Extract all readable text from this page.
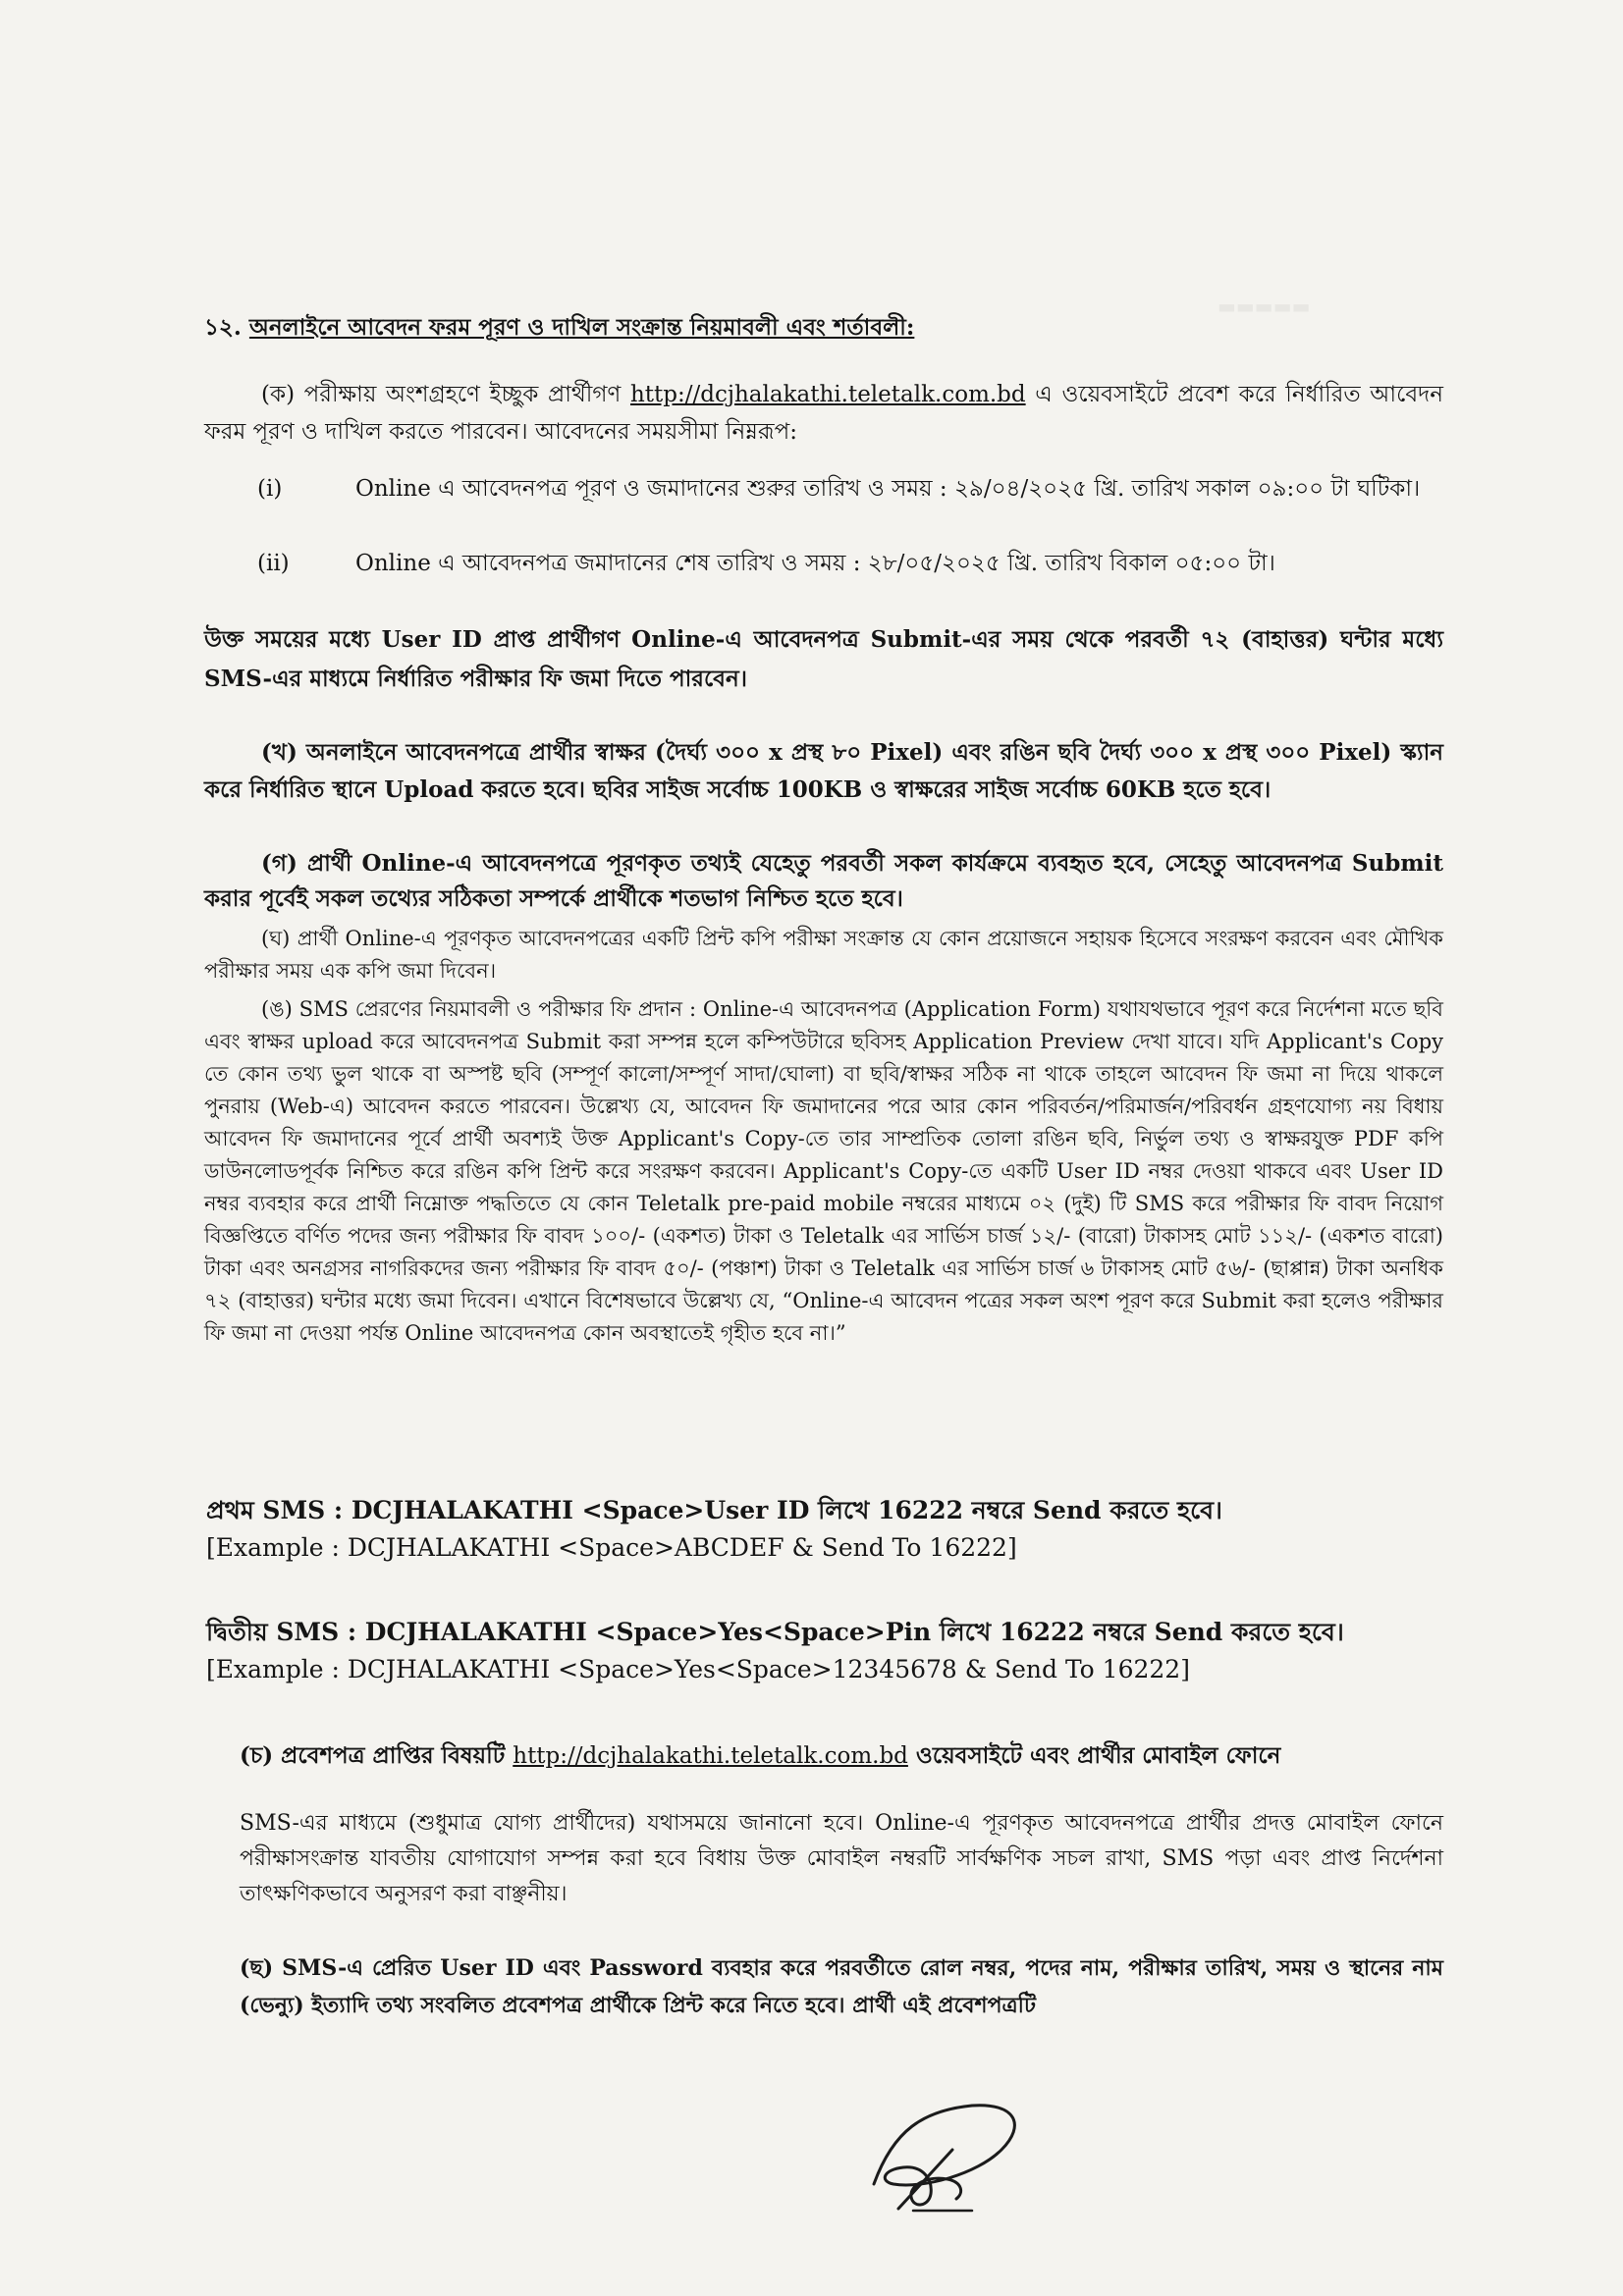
▬▬▬▬▬
১২. অনলাইনে আবেদন ফরম পূরণ ও দাখিল সংক্রান্ত নিয়মাবলী এবং শর্তাবলী:
(ক) পরীক্ষায় অংশগ্রহণে ইচ্ছুক প্রার্থীগণ http://dcjhalakathi.teletalk.com.bd এ ওয়েবসাইটে প্রবেশ করে নির্ধারিত আবেদন ফরম পূরণ ও দাখিল করতে পারবেন। আবেদনের সময়সীমা নিম্নরূপ:
(i)	Online এ আবেদনপত্র পূরণ ও জমাদানের শুরুর তারিখ ও সময় : ২৯/০৪/২০২৫ খ্রি. তারিখ সকাল ০৯:০০ টা ঘটিকা।
(ii)	Online এ আবেদনপত্র জমাদানের শেষ তারিখ ও সময় : ২৮/০৫/২০২৫ খ্রি. তারিখ বিকাল ০৫:০০ টা।
উক্ত সময়ের মধ্যে User ID প্রাপ্ত প্রার্থীগণ Online-এ আবেদনপত্র Submit-এর সময় থেকে পরবর্তী ৭২ (বাহাত্তর) ঘন্টার মধ্যে SMS-এর মাধ্যমে নির্ধারিত পরীক্ষার ফি জমা দিতে পারবেন।
(খ) অনলাইনে আবেদনপত্রে প্রার্থীর স্বাক্ষর (দৈর্ঘ্য ৩০০ x প্রস্থ ৮০ Pixel) এবং রঙিন ছবি দৈর্ঘ্য ৩০০ x প্রস্থ ৩০০ Pixel) স্ক্যান করে নির্ধারিত স্থানে Upload করতে হবে। ছবির সাইজ সর্বোচ্চ 100KB ও স্বাক্ষরের সাইজ সর্বোচ্চ 60KB হতে হবে।
(গ) প্রার্থী Online-এ আবেদনপত্রে পূরণকৃত তথ্যই যেহেতু পরবর্তী সকল কার্যক্রমে ব্যবহৃত হবে, সেহেতু আবেদনপত্র Submit করার পূর্বেই সকল তথ্যের সঠিকতা সম্পর্কে প্রার্থীকে শতভাগ নিশ্চিত হতে হবে।
(ঘ) প্রার্থী Online-এ পূরণকৃত আবেদনপত্রের একটি প্রিন্ট কপি পরীক্ষা সংক্রান্ত যে কোন প্রয়োজনে সহায়ক হিসেবে সংরক্ষণ করবেন এবং মৌখিক পরীক্ষার সময় এক কপি জমা দিবেন।
(ঙ) SMS প্রেরণের নিয়মাবলী ও পরীক্ষার ফি প্রদান : Online-এ আবেদনপত্র (Application Form) যথাযথভাবে পূরণ করে নির্দেশনা মতে ছবি এবং স্বাক্ষর upload করে আবেদনপত্র Submit করা সম্পন্ন হলে কম্পিউটারে ছবিসহ Application Preview দেখা যাবে। যদি Applicant's Copy তে কোন তথ্য ভুল থাকে বা অস্পষ্ট ছবি (সম্পূর্ণ কালো/সম্পূর্ণ সাদা/ঘোলা) বা ছবি/স্বাক্ষর সঠিক না থাকে তাহলে আবেদন ফি জমা না দিয়ে থাকলে পুনরায় (Web-এ) আবেদন করতে পারবেন। উল্লেখ্য যে, আবেদন ফি জমাদানের পরে আর কোন পরিবর্তন/পরিমার্জন/পরিবর্ধন গ্রহণযোগ্য নয় বিধায় আবেদন ফি জমাদানের পূর্বে প্রার্থী অবশ্যই উক্ত Applicant's Copy-তে তার সাম্প্রতিক তোলা রঙিন ছবি, নির্ভুল তথ্য ও স্বাক্ষরযুক্ত PDF কপি ডাউনলোডপূর্বক নিশ্চিত করে রঙিন কপি প্রিন্ট করে সংরক্ষণ করবেন। Applicant's Copy-তে একটি User ID নম্বর দেওয়া থাকবে এবং User ID নম্বর ব্যবহার করে প্রার্থী নিম্নোক্ত পদ্ধতিতে যে কোন Teletalk pre-paid mobile নম্বরের মাধ্যমে ০২ (দুই) টি SMS করে পরীক্ষার ফি বাবদ নিয়োগ বিজ্ঞপ্তিতে বর্ণিত পদের জন্য পরীক্ষার ফি বাবদ ১০০/- (একশত) টাকা ও Teletalk এর সার্ভিস চার্জ ১২/- (বারো) টাকাসহ মোট ১১২/- (একশত বারো) টাকা এবং অনগ্রসর নাগরিকদের জন্য পরীক্ষার ফি বাবদ ৫০/- (পঞ্চাশ) টাকা ও Teletalk এর সার্ভিস চার্জ ৬ টাকাসহ মোট ৫৬/- (ছাপ্পান্ন) টাকা অনধিক ৭২ (বাহাত্তর) ঘন্টার মধ্যে জমা দিবেন। এখানে বিশেষভাবে উল্লেখ্য যে, “Online-এ আবেদন পত্রের সকল অংশ পূরণ করে Submit করা হলেও পরীক্ষার ফি জমা না দেওয়া পর্যন্ত Online আবেদনপত্র কোন অবস্থাতেই গৃহীত হবে না।”
প্রথম SMS : DCJHALAKATHI <Space>User ID লিখে 16222 নম্বরে Send করতে হবে।
[Example : DCJHALAKATHI <Space>ABCDEF & Send To 16222]
দ্বিতীয় SMS : DCJHALAKATHI <Space>Yes<Space>Pin লিখে 16222 নম্বরে Send করতে হবে।
[Example : DCJHALAKATHI <Space>Yes<Space>12345678 & Send To 16222]
(চ) প্রবেশপত্র প্রাপ্তির বিষয়টি http://dcjhalakathi.teletalk.com.bd ওয়েবসাইটে এবং প্রার্থীর মোবাইল ফোনে
SMS-এর মাধ্যমে (শুধুমাত্র যোগ্য প্রার্থীদের) যথাসময়ে জানানো হবে। Online-এ পূরণকৃত আবেদনপত্রে প্রার্থীর প্রদত্ত মোবাইল ফোনে পরীক্ষাসংক্রান্ত যাবতীয় যোগাযোগ সম্পন্ন করা হবে বিধায় উক্ত মোবাইল নম্বরটি সার্বক্ষণিক সচল রাখা, SMS পড়া এবং প্রাপ্ত নির্দেশনা তাৎক্ষণিকভাবে অনুসরণ করা বাঞ্ছনীয়।
(ছ) SMS-এ প্রেরিত User ID এবং Password ব্যবহার করে পরবর্তীতে রোল নম্বর, পদের নাম, পরীক্ষার তারিখ, সময় ও স্থানের নাম (ভেন্যু) ইত্যাদি তথ্য সংবলিত প্রবেশপত্র প্রার্থীকে প্রিন্ট করে নিতে হবে। প্রার্থী এই প্রবেশপত্রটি
